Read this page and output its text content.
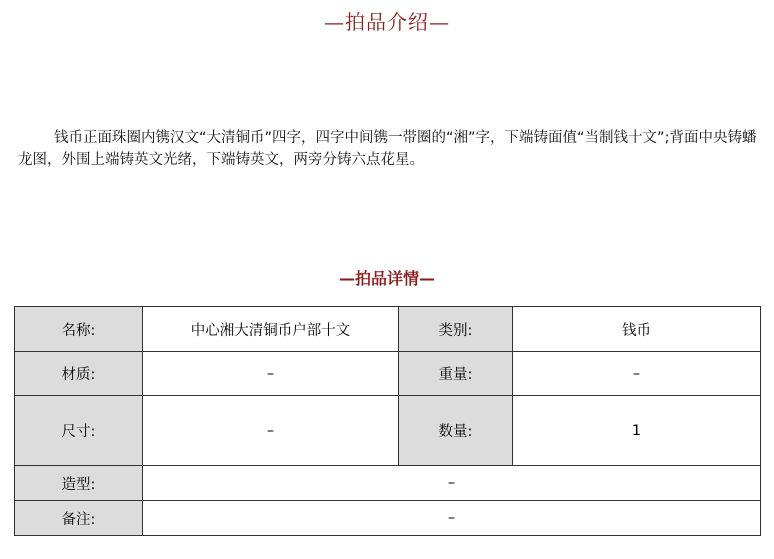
—拍品介绍—

钱币正面珠圈内镌汉文“大清铜币”四字，四字中间镌一带圈的“湘”字，下端铸面值“当制钱十文”;背面中央铸蟠龙图，外围上端铸英文光绪，下端铸英文，两旁分铸六点花星。

—拍品详情—
名称:	中心湘大清铜币户部十文	类别:	钱币
材质:	–	重量:	–
尺寸:	–	数量:	1
造型:	–		
备注:	–		
